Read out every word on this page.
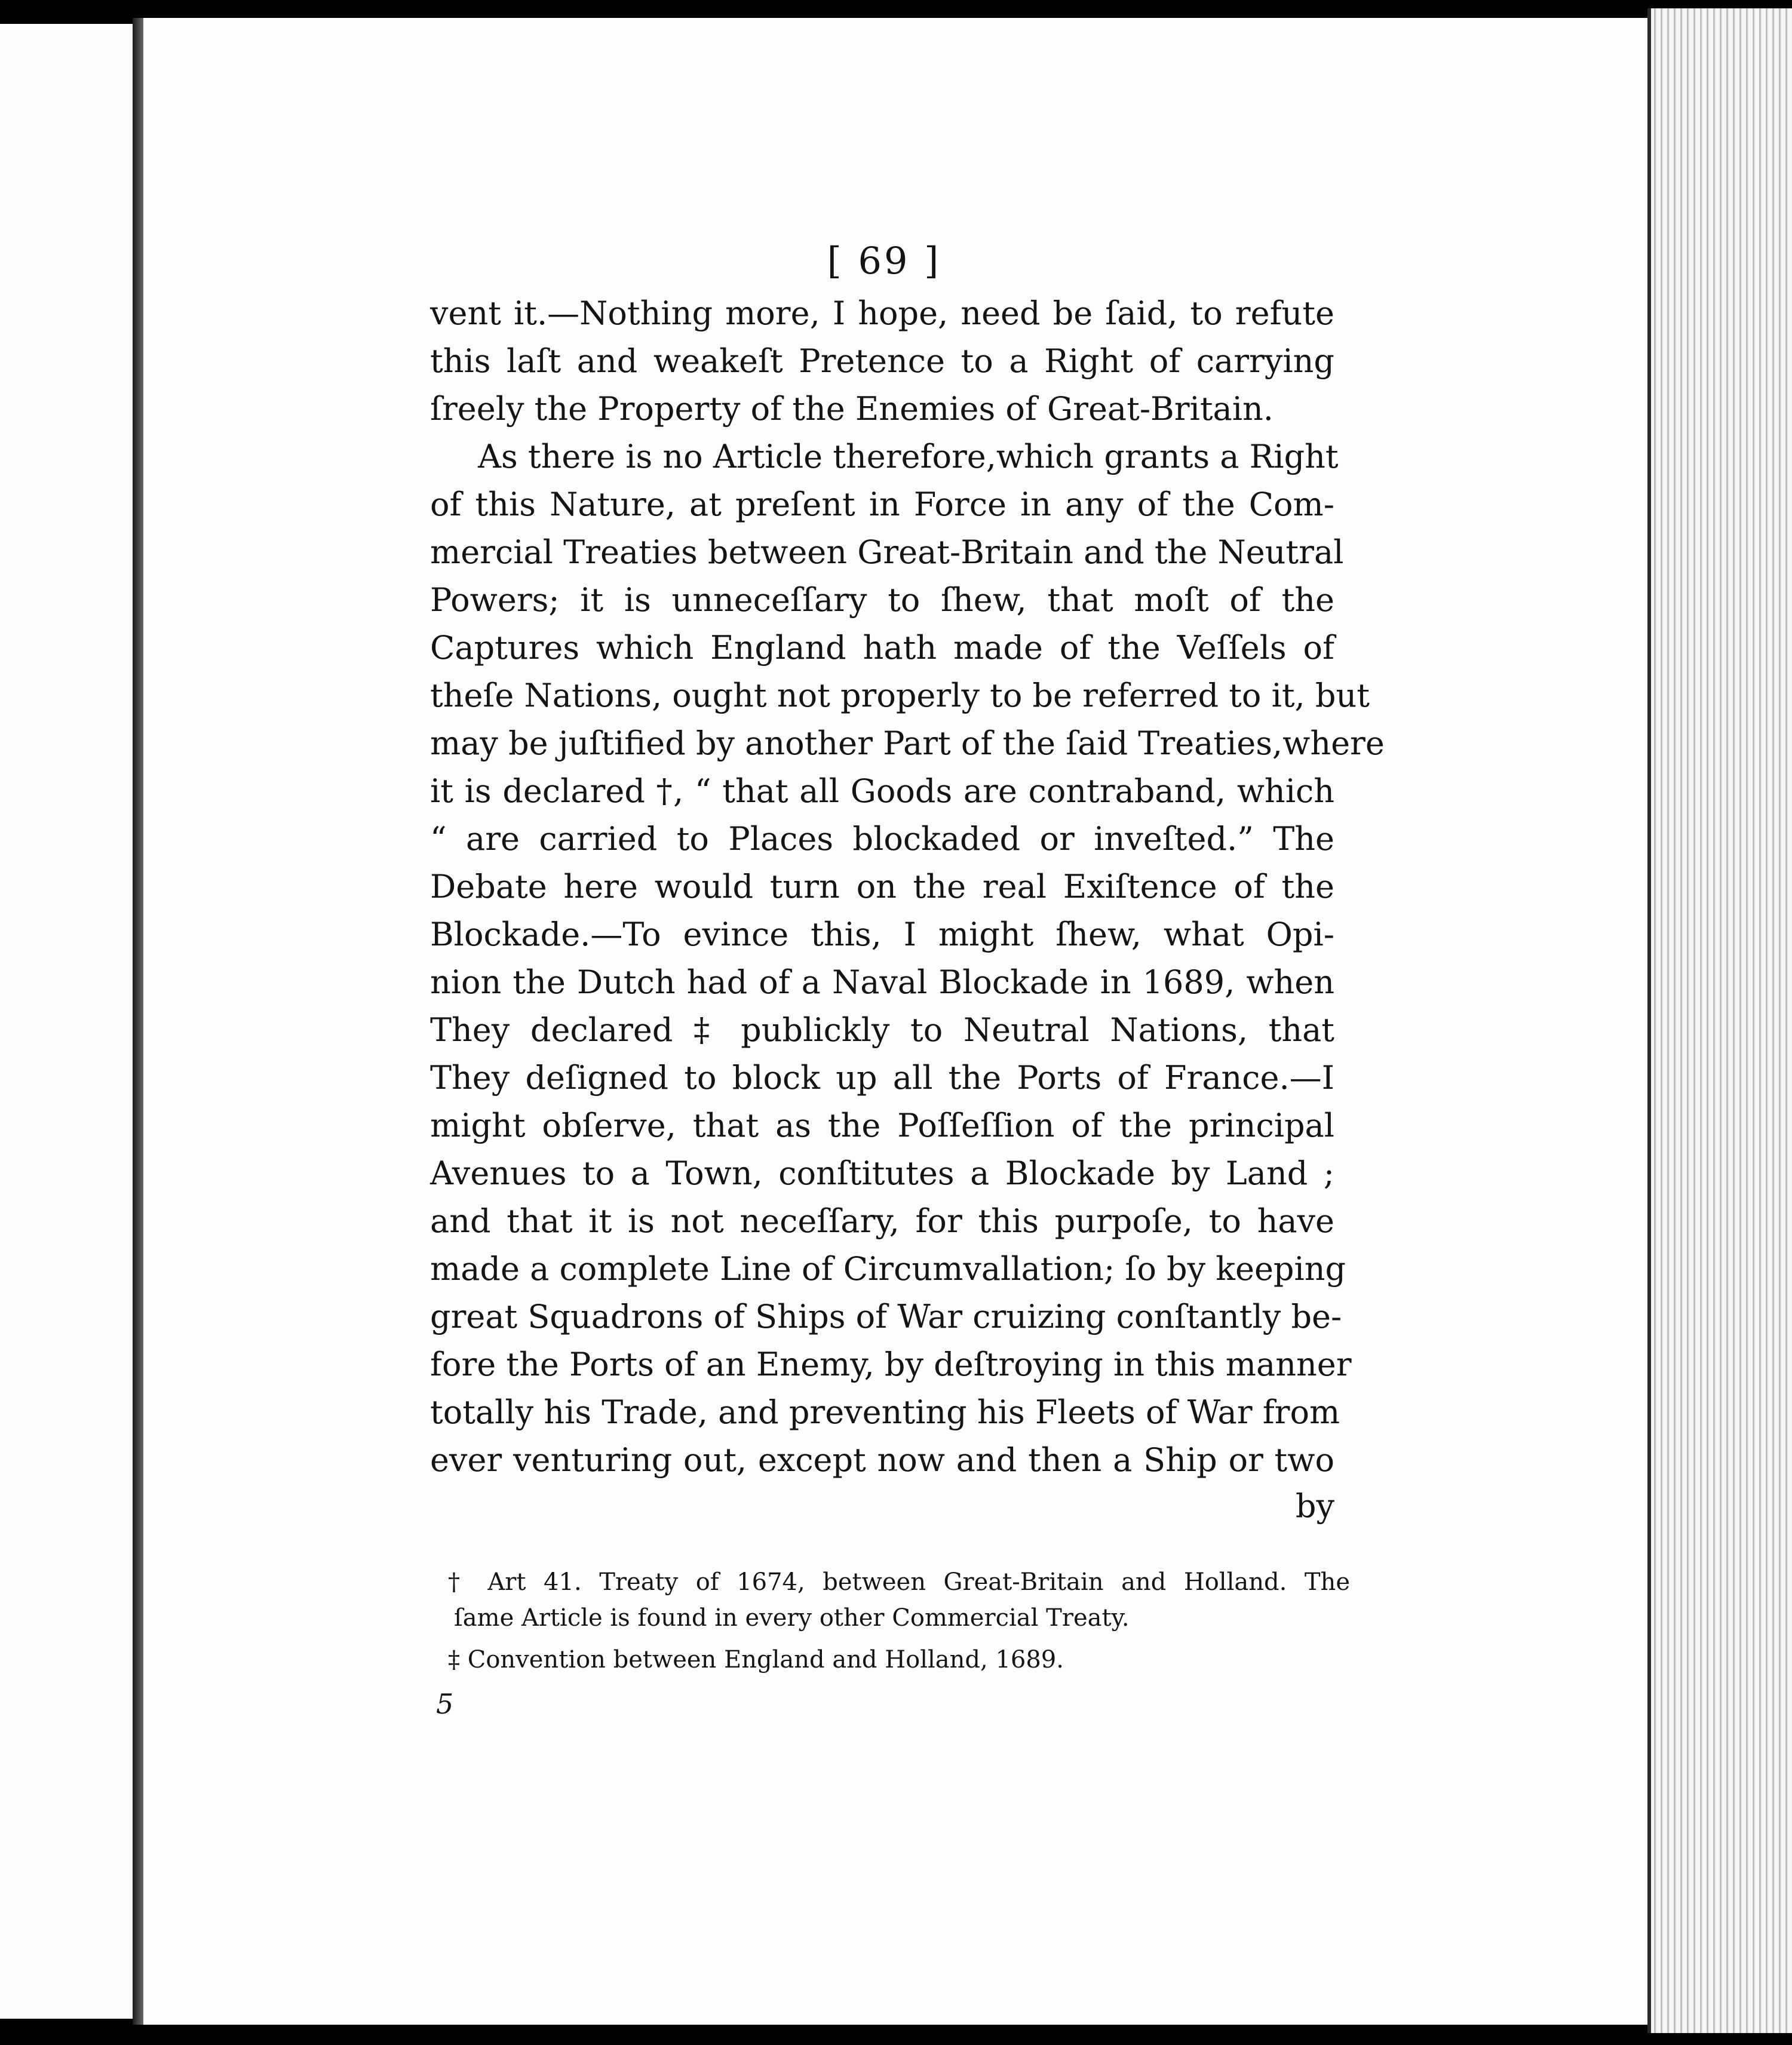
[ 69 ]

vent it.—Nothing more, I hope, need be ſaid, to refute

this laſt and weakeſt Pretence to a Right of carrying

ſreely the Property of the Enemies of Great-Britain.

As there is no Article therefore,which grants a Right

of this Nature, at preſent in Force in any of the Com-

mercial Treaties between Great-Britain and the Neutral

Powers; it is unneceſſary to ſhew, that moſt of the

Captures which England hath made of the Veſſels of

theſe Nations, ought not properly to be referred to it, but

may be juſtified by another Part of the ſaid Treaties,where

it is declared †, “ that all Goods are contraband, which

“ are carried to Places blockaded or inveſted.” The

Debate here would turn on the real Exiſtence of the

Blockade.—To evince this, I might ſhew, what Opi-

nion the Dutch had of a Naval Blockade in 1689, when

They declared ‡ publickly to Neutral Nations, that

They deſigned to block up all the Ports of France.—I

might obſerve, that as the Poſſeſſion of the principal

Avenues to a Town, conſtitutes a Blockade by Land ;

and that it is not neceſſary, for this purpoſe, to have

made a complete Line of Circumvallation; ſo by keeping

great Squadrons of Ships of War cruizing conſtantly be-

fore the Ports of an Enemy, by deſtroying in this manner

totally his Trade, and preventing his Fleets of War from

ever venturing out, except now and then a Ship or two

by

† Art 41. Treaty of 1674, between Great-Britain and Holland. The

ſame Article is found in every other Commercial Treaty.

‡ Convention between England and Holland, 1689.

5
